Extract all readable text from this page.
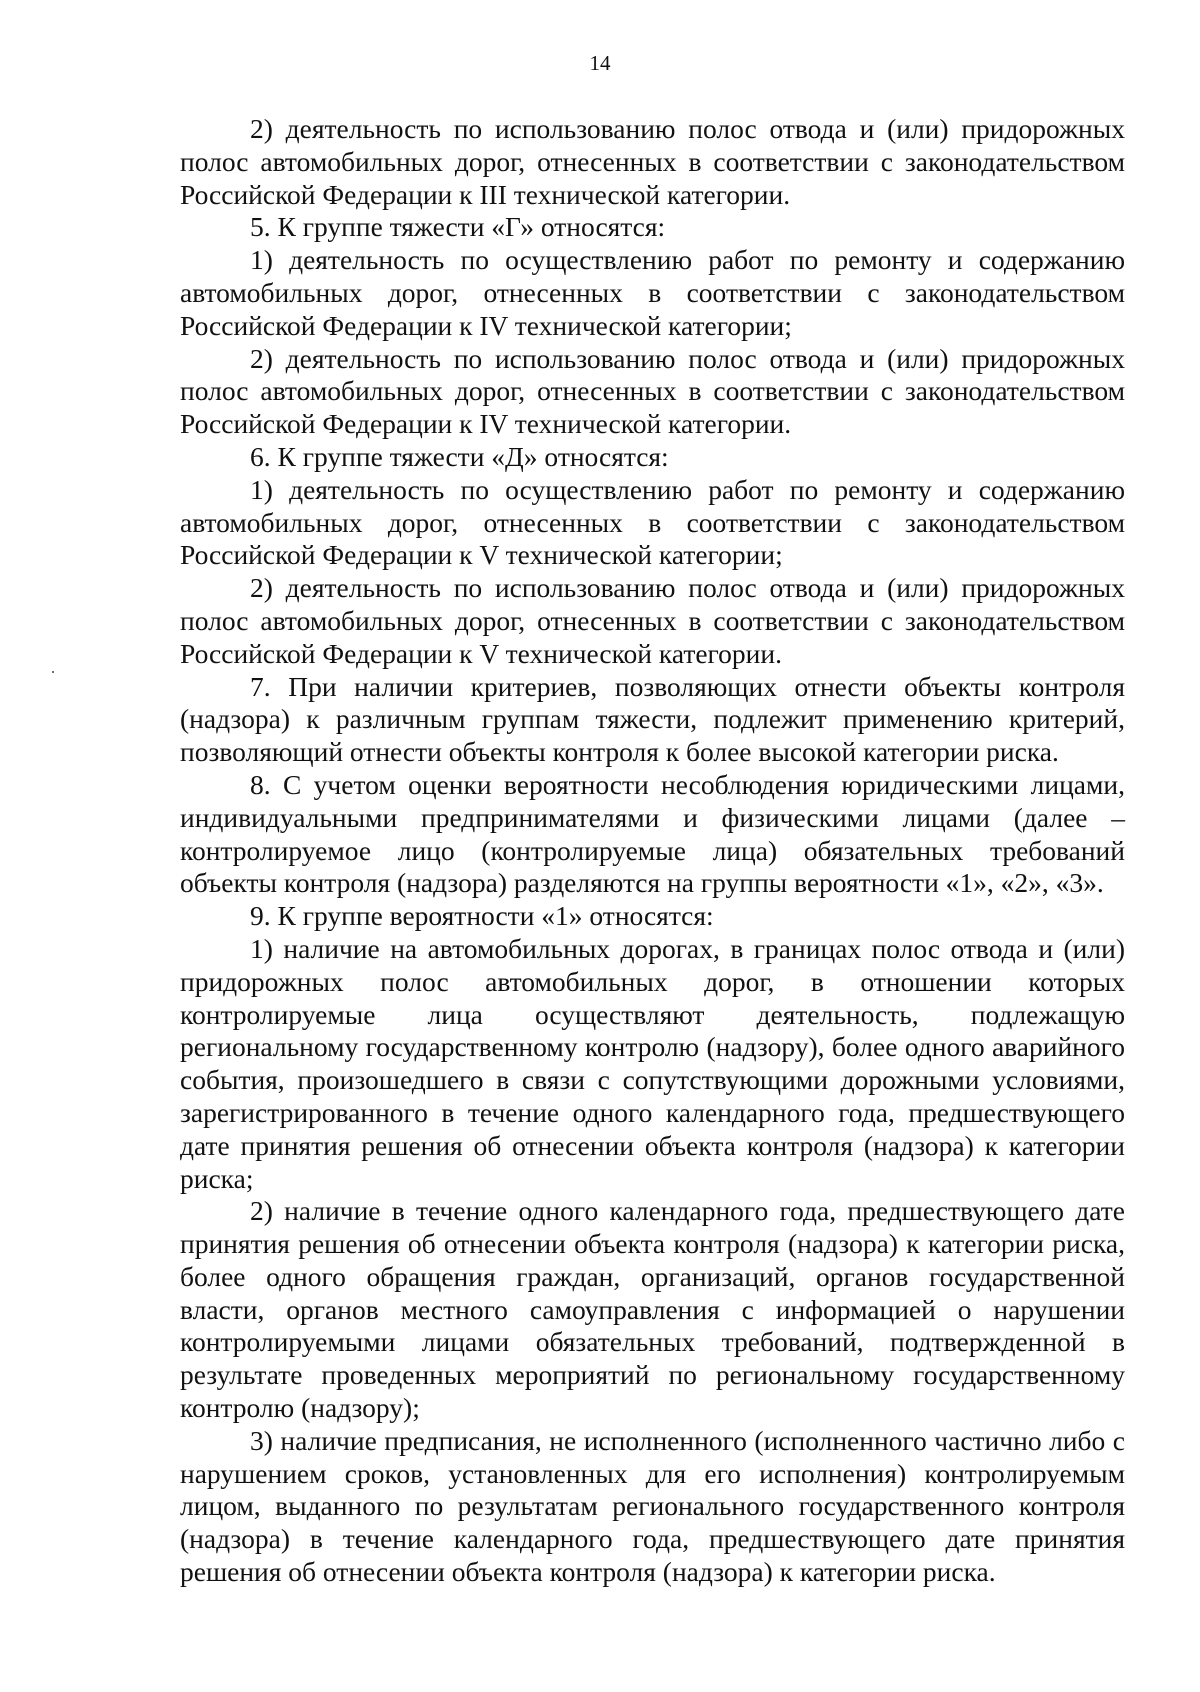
14

2) деятельность по использованию полос отвода и (или) придорожных полос автомобильных дорог, отнесенных в соответствии с законодательством Российской Федерации к III технической категории.

5. К группе тяжести «Г» относятся:

1) деятельность по осуществлению работ по ремонту и содержанию автомобильных дорог, отнесенных в соответствии с законодательством Российской Федерации к IV технической категории;

2) деятельность по использованию полос отвода и (или) придорожных полос автомобильных дорог, отнесенных в соответствии с законодательством Российской Федерации к IV технической категории.

6. К группе тяжести «Д» относятся:

1) деятельность по осуществлению работ по ремонту и содержанию автомобильных дорог, отнесенных в соответствии с законодательством Российской Федерации к V технической категории;

2) деятельность по использованию полос отвода и (или) придорожных полос автомобильных дорог, отнесенных в соответствии с законодательством Российской Федерации к V технической категории.

7. При наличии критериев, позволяющих отнести объекты контроля (надзора) к различным группам тяжести, подлежит применению критерий, позволяющий отнести объекты контроля к более высокой категории риска.

8. С учетом оценки вероятности несоблюдения юридическими лицами, индивидуальными предпринимателями и физическими лицами (далее – контролируемое лицо (контролируемые лица) обязательных требований объекты контроля (надзора) разделяются на группы вероятности «1», «2», «3».

9. К группе вероятности «1» относятся:

1) наличие на автомобильных дорогах, в границах полос отвода и (или) придорожных полос автомобильных дорог, в отношении которых контролируемые лица осуществляют деятельность, подлежащую региональному государственному контролю (надзору), более одного аварийного события, произошедшего в связи с сопутствующими дорожными условиями, зарегистрированного в течение одного календарного года, предшествующего дате принятия решения об отнесении объекта контроля (надзора) к категории риска;

2) наличие в течение одного календарного года, предшествующего дате принятия решения об отнесении объекта контроля (надзора) к категории риска, более одного обращения граждан, организаций, органов государственной власти, органов местного самоуправления с информацией о нарушении контролируемыми лицами обязательных требований, подтвержденной в результате проведенных мероприятий по региональному государственному контролю (надзору);

3) наличие предписания, не исполненного (исполненного частично либо с нарушением сроков, установленных для его исполнения) контролируемым лицом, выданного по результатам регионального государственного контроля (надзора) в течение календарного года, предшествующего дате принятия решения об отнесении объекта контроля (надзора) к категории риска.
